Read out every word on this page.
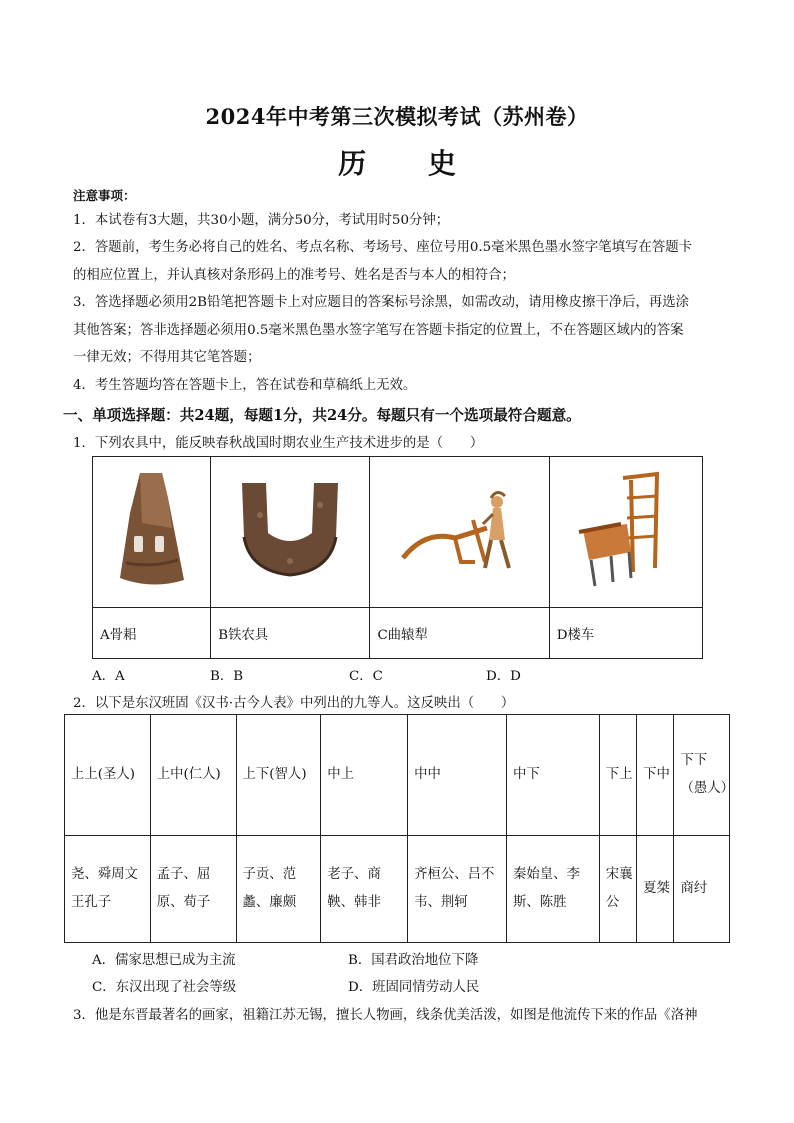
2024年中考第三次模拟考试（苏州卷）
历 史
注意事项：
1．本试卷有3大题，共30小题，满分50分，考试用时50分钟；
2．答题前，考生务必将自己的姓名、考点名称、考场号、座位号用0.5毫米黑色墨水签字笔填写在答题卡
的相应位置上，并认真核对条形码上的准考号、姓名是否与本人的相符合；
3．答选择题必须用2B铅笔把答题卡上对应题目的答案标号涂黑，如需改动，请用橡皮擦干净后，再选涂
其他答案；答非选择题必须用0.5毫米黑色墨水签字笔写在答题卡指定的位置上，不在答题区域内的答案
一律无效；不得用其它笔答题；
4．考生答题均答在答题卡上，答在试卷和草稿纸上无效。
一、单项选择题：共24题，每题1分，共24分。每题只有一个选项最符合题意。
1．下列农具中，能反映春秋战国时期农业生产技术进步的是（　　）

A骨耜	B铁农具	C曲辕犁	D楼车
A．A	B．B	C．C	D．D
2．以下是东汉班固《汉书·古今人表》中列出的九等人。这反映出（　　）
上上(圣人)	上中(仁人)	上下(智人)	中上	中中	中下	下上	下中	下下（愚人）
尧、舜周文王孔子	孟子、屈原、荀子	子贡、范蠡、廉颇	老子、商鞅、韩非	齐桓公、吕不韦、荆轲	秦始皇、李斯、陈胜	宋襄公	夏桀	商纣
A．儒家思想已成为主流	B．国君政治地位下降
C．东汉出现了社会等级	D．班固同情劳动人民
3．他是东晋最著名的画家，祖籍江苏无锡，擅长人物画，线条优美活泼，如图是他流传下来的作品《洛神
